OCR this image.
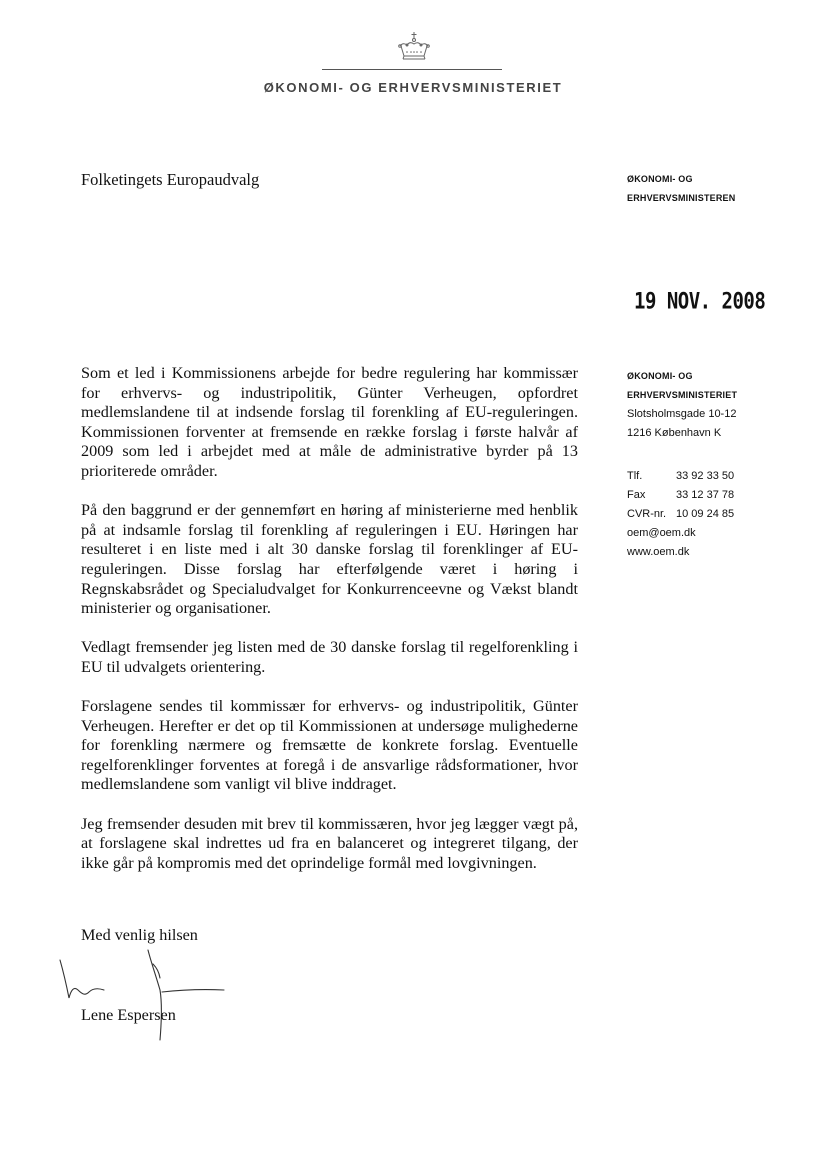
ØKONOMI- OG ERHVERVSMINISTERIET
Folketingets Europaudvalg	ØKONOMI- OG
ERHVERVSMINISTEREN
19 NOV. 2008
ØKONOMI- OG
ERHVERVSMINISTERIET
Slotsholmsgade 10-12
1216 København K
Tlf.	33 92 33 50
Fax	33 12 37 78
CVR-nr. 10 09 24 85
oem@oem.dk
www.oem.dk

Som et led i Kommissionens arbejde for bedre regulering har kommissær for erhvervs- og industripolitik, Günter Verheugen, opfordret medlemslandene til at indsende forslag til forenkling af EU-reguleringen. Kommissionen forventer at fremsende en række forslag i første halvår af 2009 som led i arbejdet med at måle de administrative byrder på 13 prioriterede områder.

På den baggrund er der gennemført en høring af ministerierne med henblik på at indsamle forslag til forenkling af reguleringen i EU. Høringen har resulteret i en liste med i alt 30 danske forslag til forenklinger af EU-reguleringen. Disse forslag har efterfølgende været i høring i Regnskabsrådet og Specialudvalget for Konkurrenceevne og Vækst blandt ministerier og organisationer.

Vedlagt fremsender jeg listen med de 30 danske forslag til regelforenkling i EU til udvalgets orientering.

Forslagene sendes til kommissær for erhvervs- og industripolitik, Günter Verheugen. Herefter er det op til Kommissionen at undersøge mulighederne for forenkling nærmere og fremsætte de konkrete forslag. Eventuelle regelforenklinger forventes at foregå i de ansvarlige rådsformationer, hvor medlemslandene som vanligt vil blive inddraget.

Jeg fremsender desuden mit brev til kommissæren, hvor jeg lægger vægt på, at forslagene skal indrettes ud fra en balanceret og integreret tilgang, der ikke går på kompromis med det oprindelige formål med lovgivningen.

Med venlig hilsen
Lene Espersen
